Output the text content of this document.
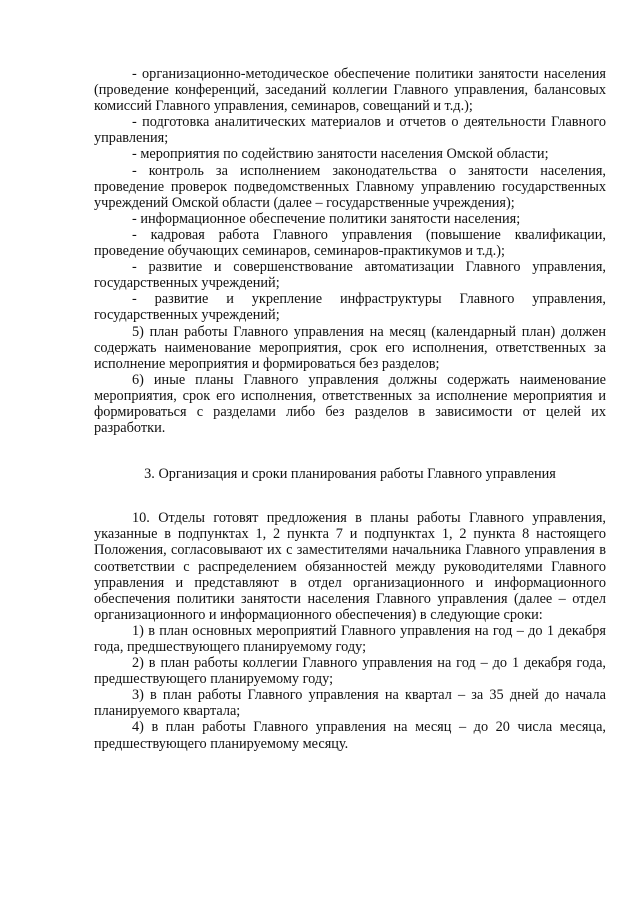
- организационно-методическое обеспечение политики занятости населения (проведение конференций, заседаний коллегии Главного управления, балансовых комиссий Главного управления, семинаров, совещаний и т.д.);

- подготовка аналитических материалов и отчетов о деятельности Главного управления;

- мероприятия по содействию занятости населения Омской области;

- контроль за исполнением законодательства о занятости населения, проведение проверок подведомственных Главному управлению государственных учреждений Омской области (далее – государственные учреждения);

- информационное обеспечение политики занятости населения;

- кадровая работа Главного управления (повышение квалификации, проведение обучающих семинаров, семинаров-практикумов и т.д.);

- развитие и совершенствование автоматизации Главного управления, государственных учреждений;

- развитие и укрепление инфраструктуры Главного управления, государственных учреждений;

5) план работы Главного управления на месяц (календарный план) должен содержать наименование мероприятия, срок его исполнения, ответственных за исполнение мероприятия и формироваться без разделов;

6) иные планы Главного управления должны содержать наименование мероприятия, срок его исполнения, ответственных за исполнение мероприятия и формироваться с разделами либо без разделов в зависимости от целей их разработки.

3. Организация и сроки планирования работы Главного управления

10. Отделы готовят предложения в планы работы Главного управления, указанные в подпунктах 1, 2 пункта 7 и подпунктах 1, 2 пункта 8 настоящего Положения, согласовывают их с заместителями начальника Главного управления в соответствии с распределением обязанностей между руководителями Главного управления и представляют в отдел организационного и информационного обеспечения политики занятости населения Главного управления (далее – отдел организационного и информационного обеспечения) в следующие сроки:

1) в план основных мероприятий Главного управления на год – до 1 декабря года, предшествующего планируемому году;

2) в план работы коллегии Главного управления на год – до 1 декабря года, предшествующего планируемому году;

3) в план работы Главного управления на квартал – за 35 дней до начала планируемого квартала;

4) в план работы Главного управления на месяц – до 20 числа месяца, предшествующего планируемому месяцу.
